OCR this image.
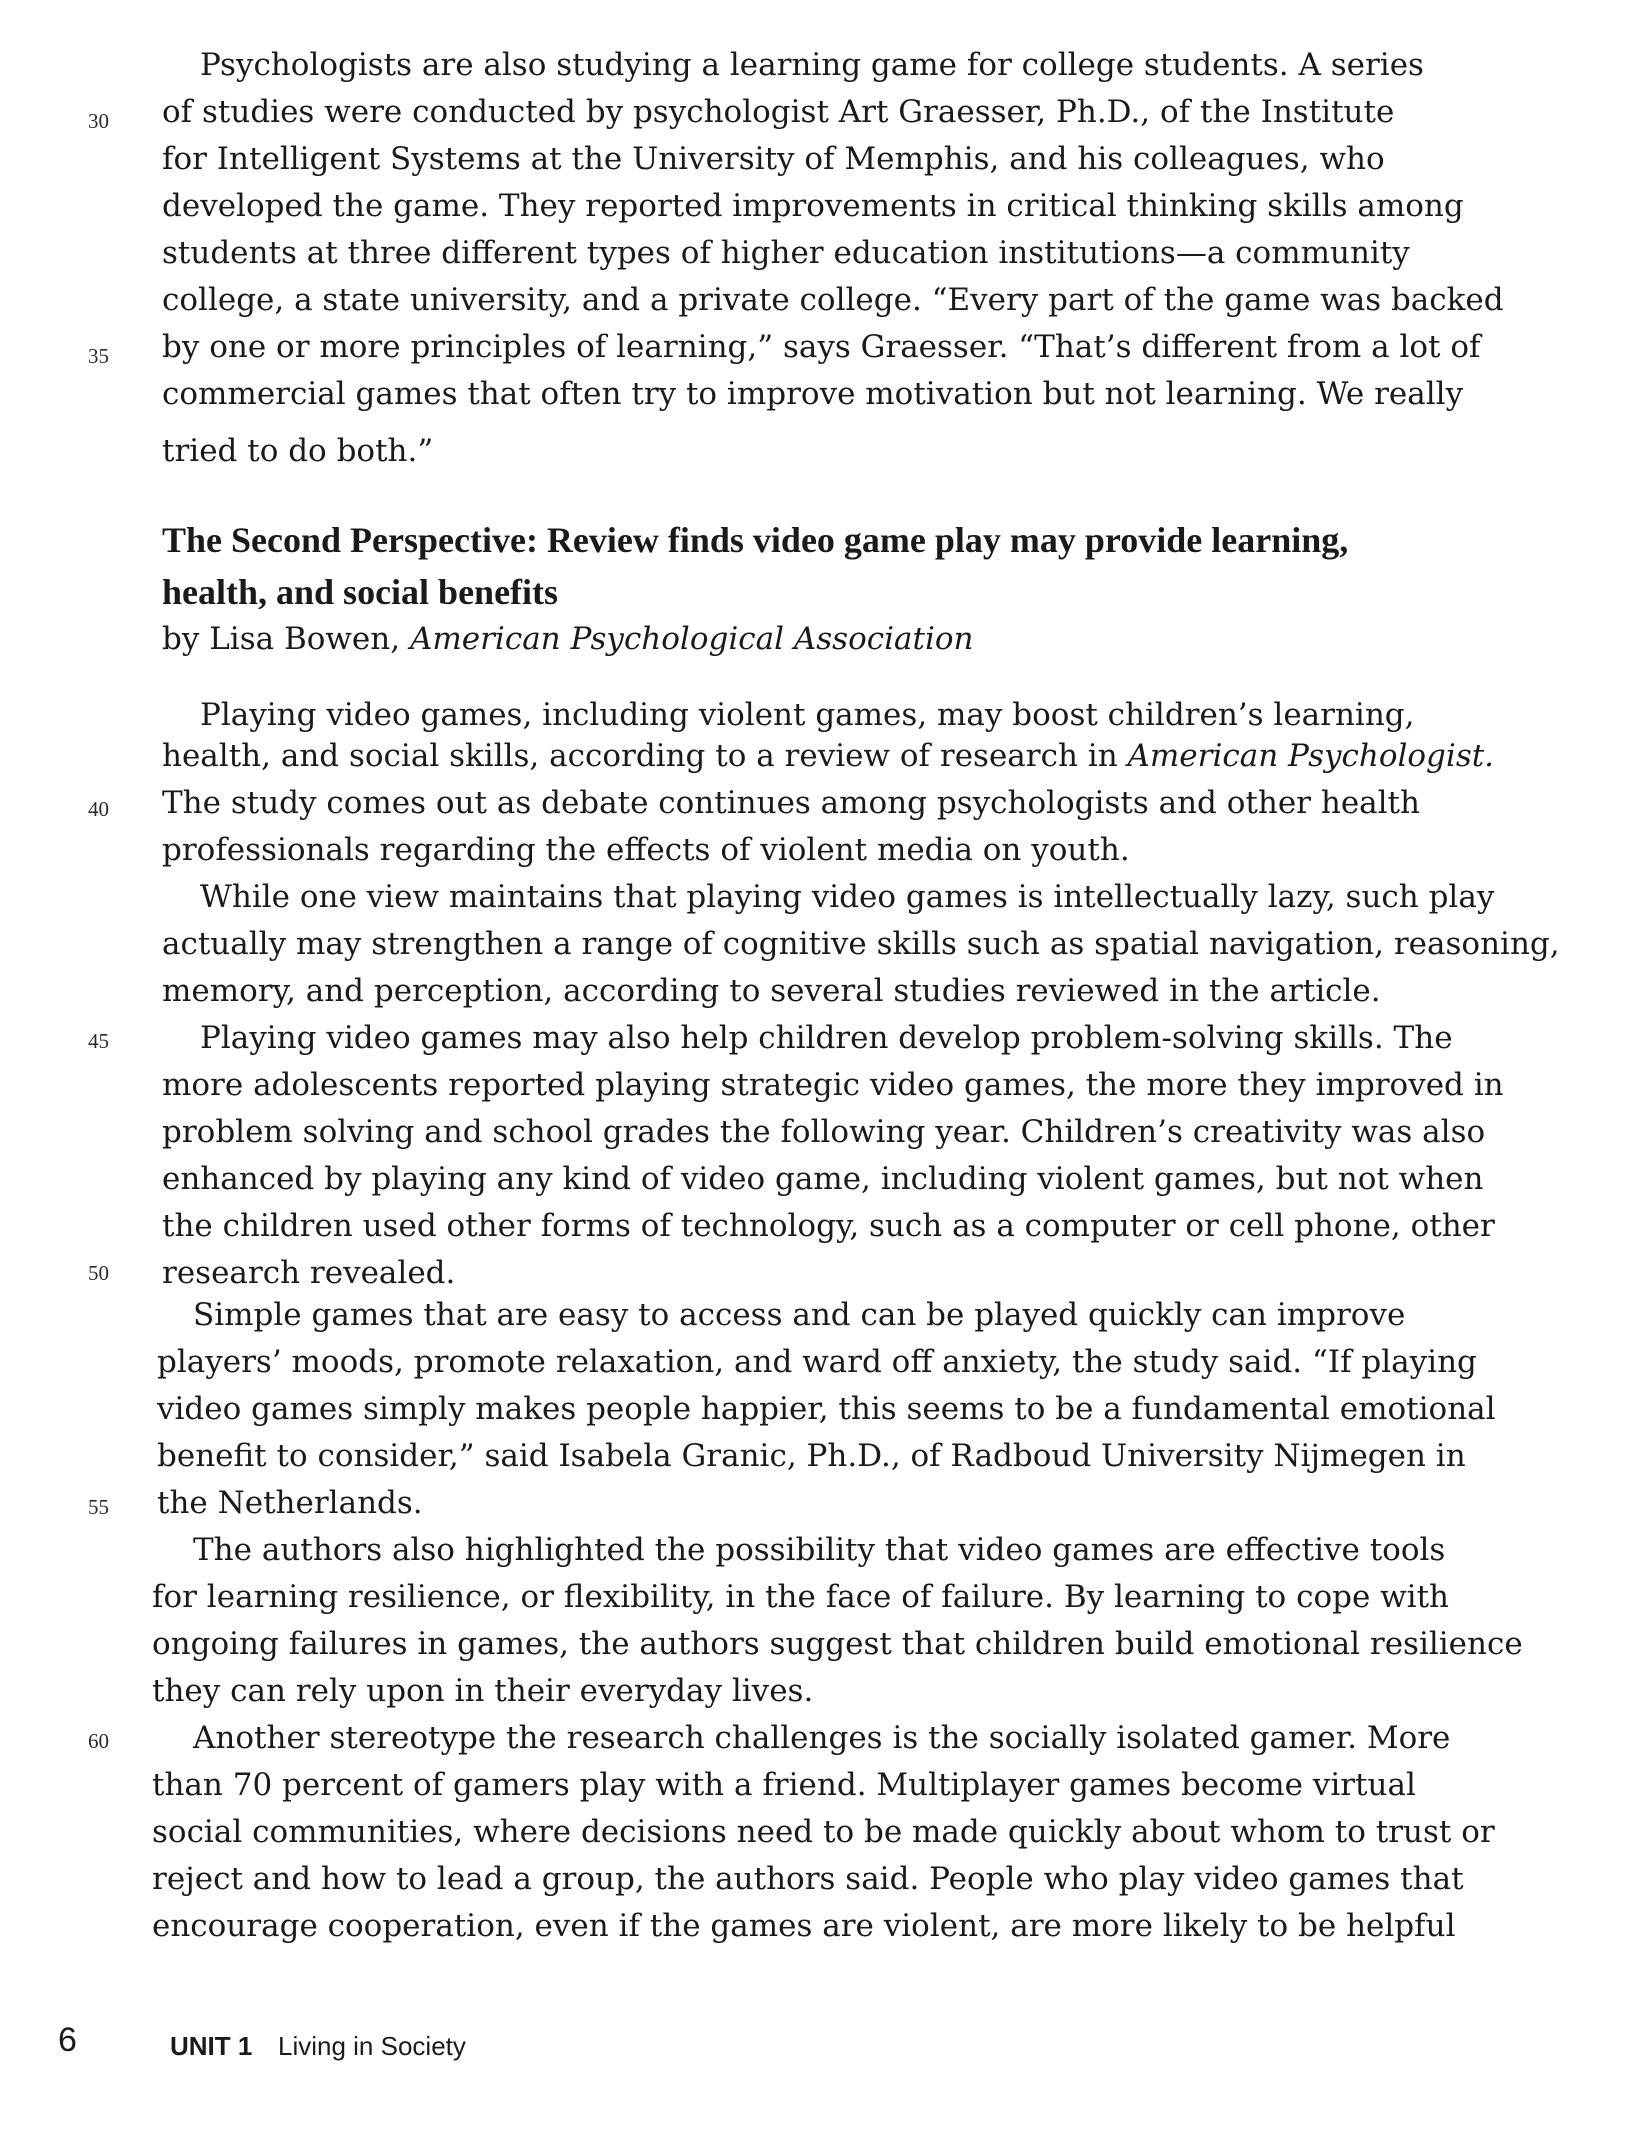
Psychologists are also studying a learning game for college students. A series
of studies were conducted by psychologist Art Graesser, Ph.D., of the Institute
for Intelligent Systems at the University of Memphis, and his colleagues, who
developed the game. They reported improvements in critical thinking skills among
students at three different types of higher education institutions—a community
college, a state university, and a private college. “Every part of the game was backed
by one or more principles of learning,” says Graesser. “That’s different from a lot of
commercial games that often try to improve motivation but not learning. We really
tried to do both.”
The Second Perspective: Review finds video game play may provide learning,
health, and social benefits
by Lisa Bowen, American Psychological Association
Playing video games, including violent games, may boost children’s learning,
health, and social skills, according to a review of research in American Psychologist.
The study comes out as debate continues among psychologists and other health
professionals regarding the effects of violent media on youth.
While one view maintains that playing video games is intellectually lazy, such play
actually may strengthen a range of cognitive skills such as spatial navigation, reasoning,
memory, and perception, according to several studies reviewed in the article.
Playing video games may also help children develop problem-solving skills. The
more adolescents reported playing strategic video games, the more they improved in
problem solving and school grades the following year. Children’s creativity was also
enhanced by playing any kind of video game, including violent games, but not when
the children used other forms of technology, such as a computer or cell phone, other
research revealed.
Simple games that are easy to access and can be played quickly can improve
players’ moods, promote relaxation, and ward off anxiety, the study said. “If playing
video games simply makes people happier, this seems to be a fundamental emotional
benefit to consider,” said Isabela Granic, Ph.D., of Radboud University Nijmegen in
the Netherlands.
The authors also highlighted the possibility that video games are effective tools
for learning resilience, or flexibility, in the face of failure. By learning to cope with
ongoing failures in games, the authors suggest that children build emotional resilience
they can rely upon in their everyday lives.
Another stereotype the research challenges is the socially isolated gamer. More
than 70 percent of gamers play with a friend. Multiplayer games become virtual
social communities, where decisions need to be made quickly about whom to trust or
reject and how to lead a group, the authors said. People who play video games that
encourage cooperation, even if the games are violent, are more likely to be helpful
30
35
40
45
50
55
60
6	UNIT 1 Living in Society
